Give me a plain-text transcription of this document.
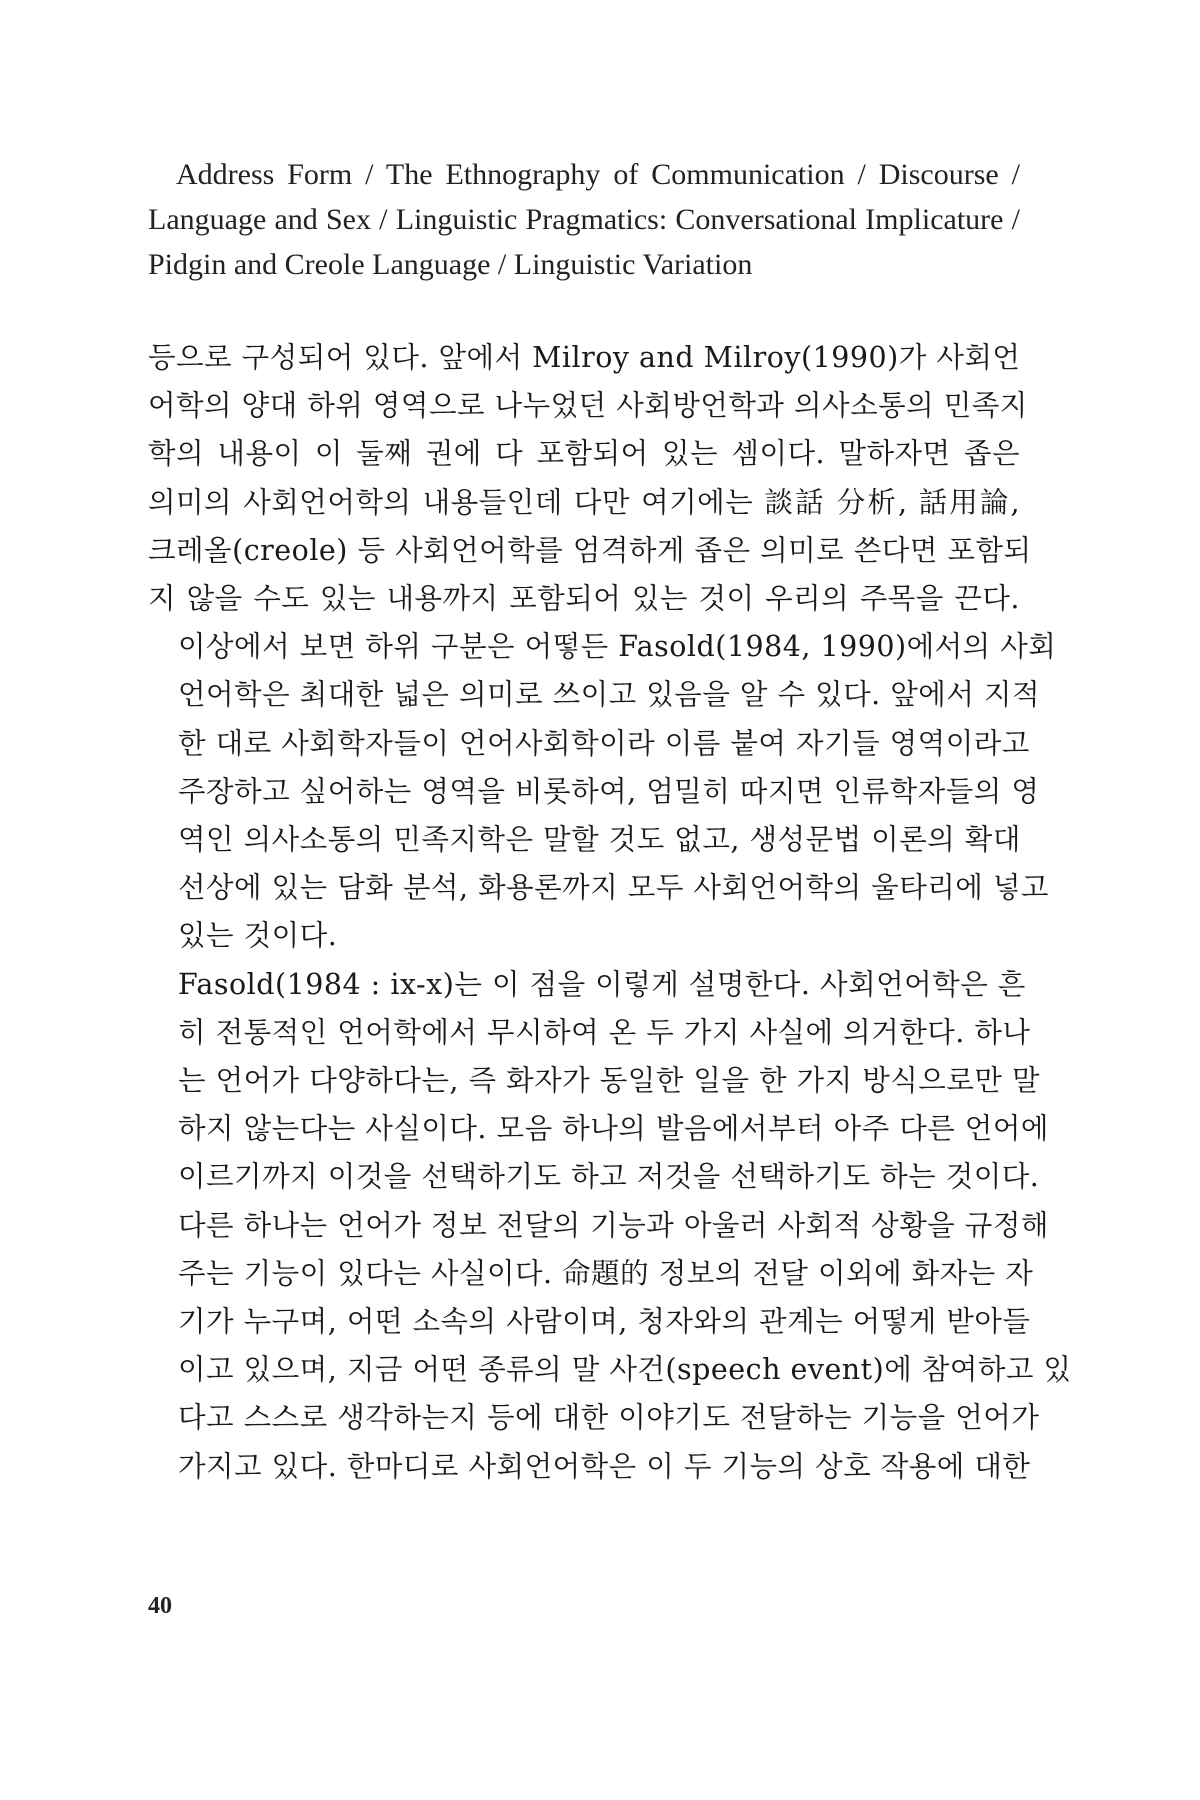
Address Form / The Ethnography of Communication / Discourse / Language and Sex / Linguistic Pragmatics: Conversational Implicature / Pidgin and Creole Language / Linguistic Variation

등으로 구성되어 있다. 앞에서 Milroy and Milroy(1990)가 사회언
어학의 양대 하위 영역으로 나누었던 사회방언학과 의사소통의 민족지
학의 내용이 이 둘째 권에 다 포함되어 있는 셈이다. 말하자면 좁은
의미의 사회언어학의 내용들인데 다만 여기에는 談話 分析, 話用論,
크레올(creole) 등 사회언어학를 엄격하게 좁은 의미로 쓴다면 포함되
지 않을 수도 있는 내용까지 포함되어 있는 것이 우리의 주목을 끈다.

이상에서 보면 하위 구분은 어떻든 Fasold(1984, 1990)에서의 사회
언어학은 최대한 넓은 의미로 쓰이고 있음을 알 수 있다. 앞에서 지적
한 대로 사회학자들이 언어사회학이라 이름 붙여 자기들 영역이라고
주장하고 싶어하는 영역을 비롯하여, 엄밀히 따지면 인류학자들의 영
역인 의사소통의 민족지학은 말할 것도 없고, 생성문법 이론의 확대
선상에 있는 담화 분석, 화용론까지 모두 사회언어학의 울타리에 넣고
있는 것이다.

Fasold(1984 : ix-x)는 이 점을 이렇게 설명한다. 사회언어학은 흔
히 전통적인 언어학에서 무시하여 온 두 가지 사실에 의거한다. 하나
는 언어가 다양하다는, 즉 화자가 동일한 일을 한 가지 방식으로만 말
하지 않는다는 사실이다. 모음 하나의 발음에서부터 아주 다른 언어에
이르기까지 이것을 선택하기도 하고 저것을 선택하기도 하는 것이다.
다른 하나는 언어가 정보 전달의 기능과 아울러 사회적 상황을 규정해
주는 기능이 있다는 사실이다. 命題的 정보의 전달 이외에 화자는 자
기가 누구며, 어떤 소속의 사람이며, 청자와의 관계는 어떻게 받아들
이고 있으며, 지금 어떤 종류의 말 사건(speech event)에 참여하고 있
다고 스스로 생각하는지 등에 대한 이야기도 전달하는 기능을 언어가
가지고 있다. 한마디로 사회언어학은 이 두 기능의 상호 작용에 대한

40
